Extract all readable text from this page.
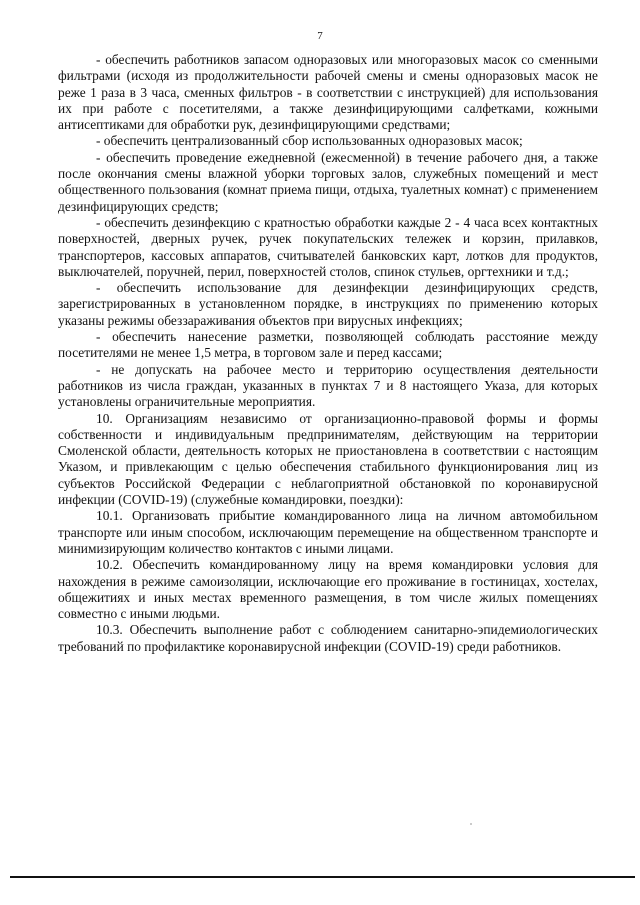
7

- обеспечить работников запасом одноразовых или многоразовых масок со сменными фильтрами (исходя из продолжительности рабочей смены и смены одноразовых масок не реже 1 раза в 3 часа, сменных фильтров - в соответствии с инструкцией) для использования их при работе с посетителями, а также дезинфицирующими салфетками, кожными антисептиками для обработки рук, дезинфицирующими средствами;

- обеспечить централизованный сбор использованных одноразовых масок;

- обеспечить проведение ежедневной (ежесменной) в течение рабочего дня, а также после окончания смены влажной уборки торговых залов, служебных помещений и мест общественного пользования (комнат приема пищи, отдыха, туалетных комнат) с применением дезинфицирующих средств;

- обеспечить дезинфекцию с кратностью обработки каждые 2 - 4 часа всех контактных поверхностей, дверных ручек, ручек покупательских тележек и корзин, прилавков, транспортеров, кассовых аппаратов, считывателей банковских карт, лотков для продуктов, выключателей, поручней, перил, поверхностей столов, спинок стульев, оргтехники и т.д.;

- обеспечить использование для дезинфекции дезинфицирующих средств, зарегистрированных в установленном порядке, в инструкциях по применению которых указаны режимы обеззараживания объектов при вирусных инфекциях;

- обеспечить нанесение разметки, позволяющей соблюдать расстояние между посетителями не менее 1,5 метра, в торговом зале и перед кассами;

- не допускать на рабочее место и территорию осуществления деятельности работников из числа граждан, указанных в пунктах 7 и 8 настоящего Указа, для которых установлены ограничительные мероприятия.

10. Организациям независимо от организационно-правовой формы и формы собственности и индивидуальным предпринимателям, действующим на территории Смоленской области, деятельность которых не приостановлена в соответствии с настоящим Указом, и привлекающим с целью обеспечения стабильного функционирования лиц из субъектов Российской Федерации с неблагоприятной обстановкой по коронавирусной инфекции (COVID-19) (служебные командировки, поездки):

10.1. Организовать прибытие командированного лица на личном автомобильном транспорте или иным способом, исключающим перемещение на общественном транспорте и минимизирующим количество контактов с иными лицами.

10.2. Обеспечить командированному лицу на время командировки условия для нахождения в режиме самоизоляции, исключающие его проживание в гостиницах, хостелах, общежитиях и иных местах временного размещения, в том числе жилых помещениях совместно с иными людьми.

10.3. Обеспечить выполнение работ с соблюдением санитарно-эпидемиологических требований по профилактике коронавирусной инфекции (COVID-19) среди работников.
